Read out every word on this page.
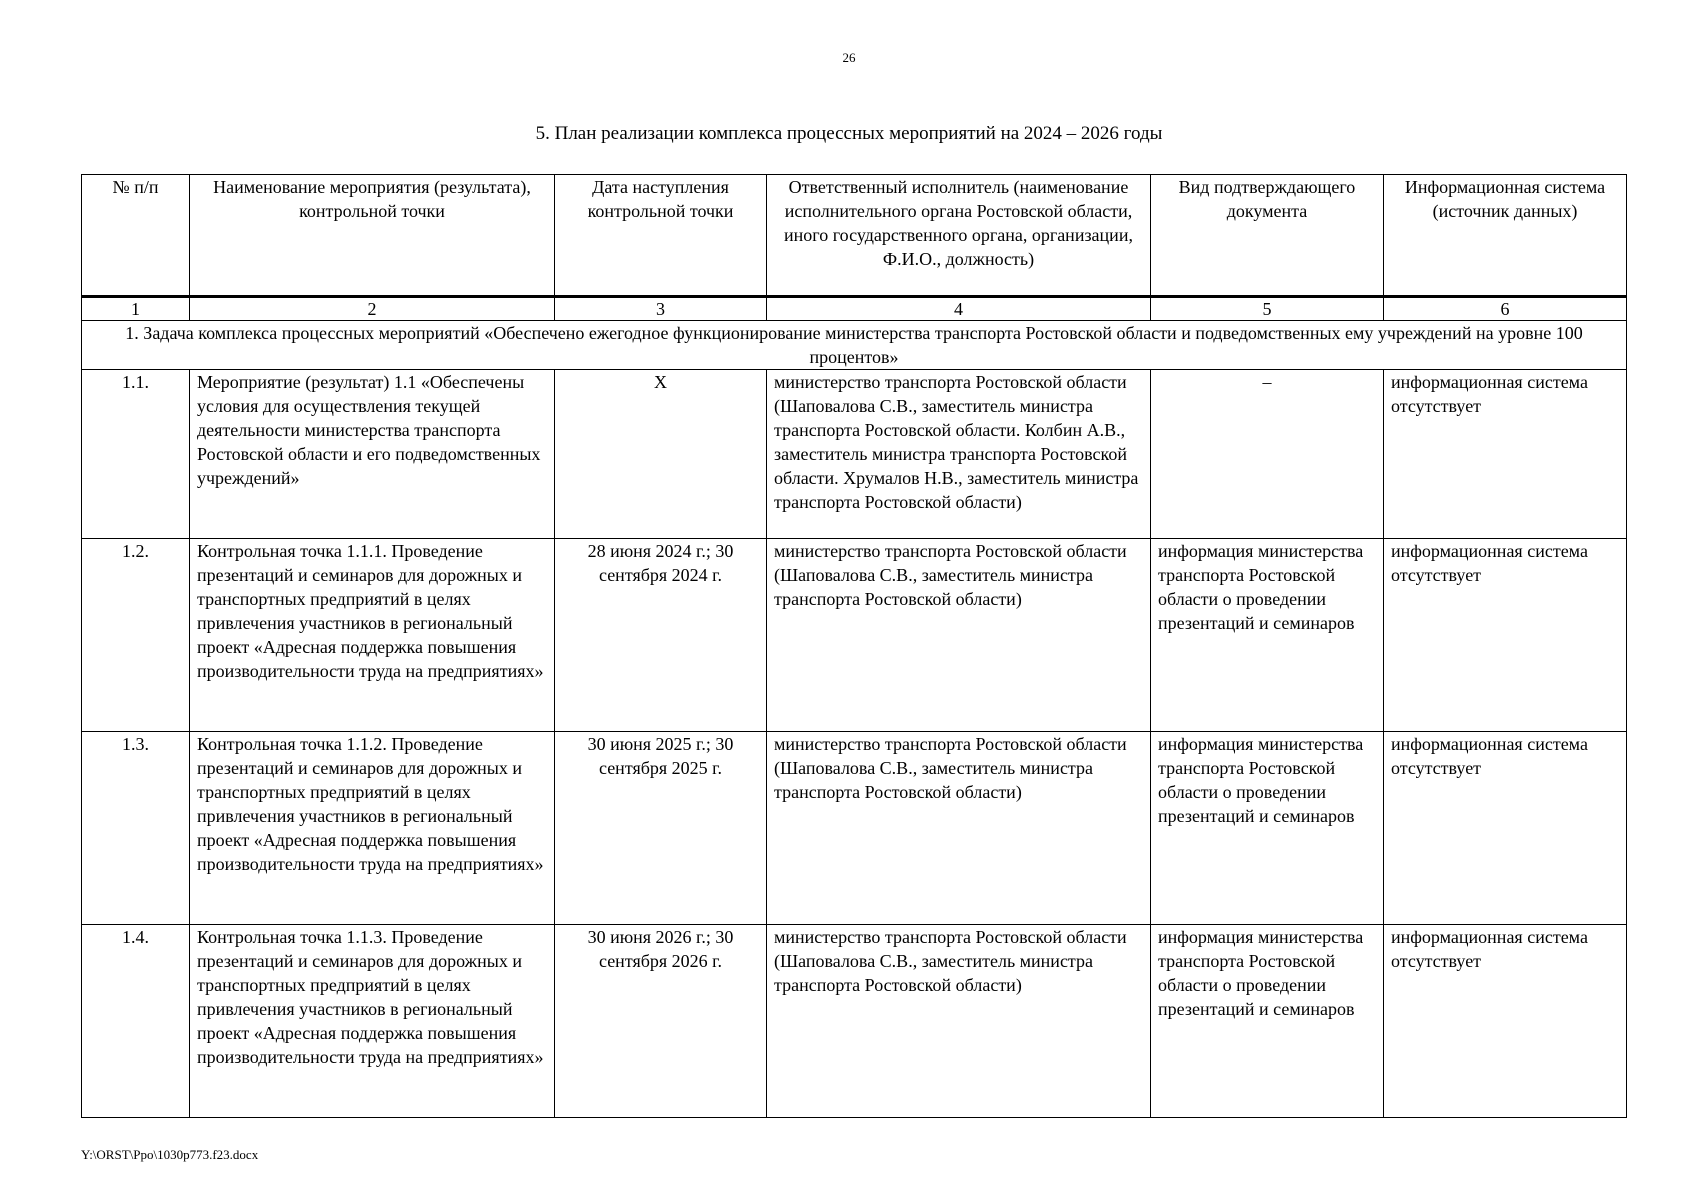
26
5. План реализации комплекса процессных мероприятий на 2024 – 2026 годы
№ п/п	Наименование мероприятия (результата), контрольной точки	Дата наступления контрольной точки	Ответственный исполнитель (наименование исполнительного органа Ростовской области, иного государственного органа, организации, Ф.И.О., должность)	Вид подтверждающего документа	Информационная система (источник данных)
1	2	3	4	5	6
1. Задача комплекса процессных мероприятий «Обеспечено ежегодное функционирование министерства транспорта Ростовской области и подведомственных ему учреждений на уровне 100 процентов»					
1.1.	Мероприятие (результат) 1.1 «Обеспечены условия для осуществления текущей деятельности министерства транспорта Ростовской области и его подведомственных учреждений»	X	министерство транспорта Ростовской области (Шаповалова С.В., заместитель министра транспорта Ростовской области. Колбин А.В., заместитель министра транспорта Ростовской области. Хрумалов Н.В., заместитель министра транспорта Ростовской области)	–	информационная система отсутствует
1.2.	Контрольная точка 1.1.1. Проведение презентаций и семинаров для дорожных и транспортных предприятий в целях привлечения участников в региональный проект «Адресная поддержка повышения производительности труда на предприятиях»	28 июня 2024 г.; 30 сентября 2024 г.	министерство транспорта Ростовской области (Шаповалова С.В., заместитель министра транспорта Ростовской области)	информация министерства транспорта Ростовской области о проведении презентаций и семинаров	информационная система отсутствует
1.3.	Контрольная точка 1.1.2. Проведение презентаций и семинаров для дорожных и транспортных предприятий в целях привлечения участников в региональный проект «Адресная поддержка повышения производительности труда на предприятиях»	30 июня 2025 г.; 30 сентября 2025 г.	министерство транспорта Ростовской области (Шаповалова С.В., заместитель министра транспорта Ростовской области)	информация министерства транспорта Ростовской области о проведении презентаций и семинаров	информационная система отсутствует
1.4.	Контрольная точка 1.1.3. Проведение презентаций и семинаров для дорожных и транспортных предприятий в целях привлечения участников в региональный проект «Адресная поддержка повышения производительности труда на предприятиях»	30 июня 2026 г.; 30 сентября 2026 г.	министерство транспорта Ростовской области (Шаповалова С.В., заместитель министра транспорта Ростовской области)	информация министерства транспорта Ростовской области о проведении презентаций и семинаров	информационная система отсутствует
Y:\ORST\Ppo\1030p773.f23.docx
